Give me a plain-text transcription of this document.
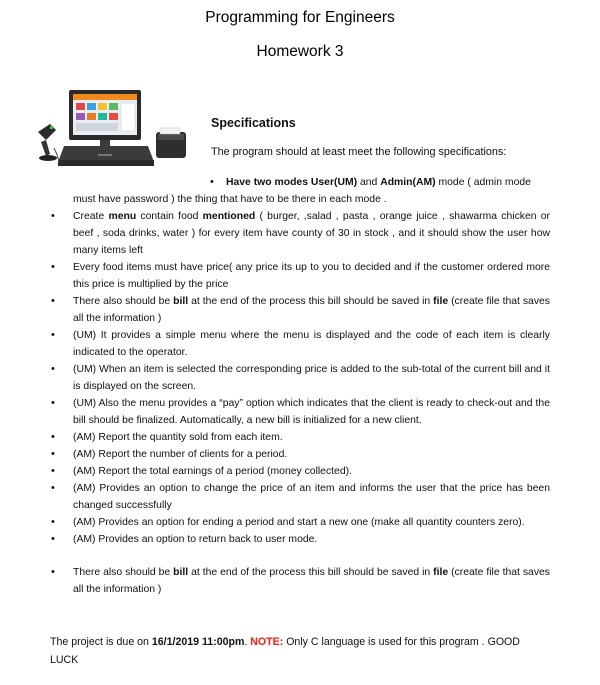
Programming for Engineers
Homework 3
Specifications
The program should at least meet the following specifications:
•	Have two modes User(UM) and Admin(AM) mode ( admin mode
must have password ) the thing that have to be there in each mode .
• Create menu contain food mentioned ( burger, ,salad , pasta , orange juice , shawarma chicken or beef , soda drinks, water ) for every item have county of 30 in stock , and it should show the user how many items left
• Every food items must have price( any price its up to you to decided and if the customer ordered more this price is multiplied by the price
• There also should be bill at the end of the process this bill should be saved in file (create file that saves all the information )
• (UM) It provides a simple menu where the menu is displayed and the code of each item is clearly indicated to the operator.
• (UM) When an item is selected the corresponding price is added to the sub-total of the current bill and it is displayed on the screen.
• (UM) Also the menu provides a “pay” option which indicates that the client is ready to check-out and the bill should be finalized. Automatically, a new bill is initialized for a new client.
• (AM) Report the quantity sold from each item.
• (AM) Report the number of clients for a period.
• (AM) Report the total earnings of a period (money collected).
• (AM) Provides an option to change the price of an item and informs the user that the price has been changed successfully
• (AM) Provides an option for ending a period and start a new one (make all quantity counters zero).
• (AM) Provides an option to return back to user mode.
• There also should be bill at the end of the process this bill should be saved in file (create file that saves all the information )
The project is due on 16/1/2019 11:00pm. NOTE: Only C language is used for this program . GOOD LUCK
